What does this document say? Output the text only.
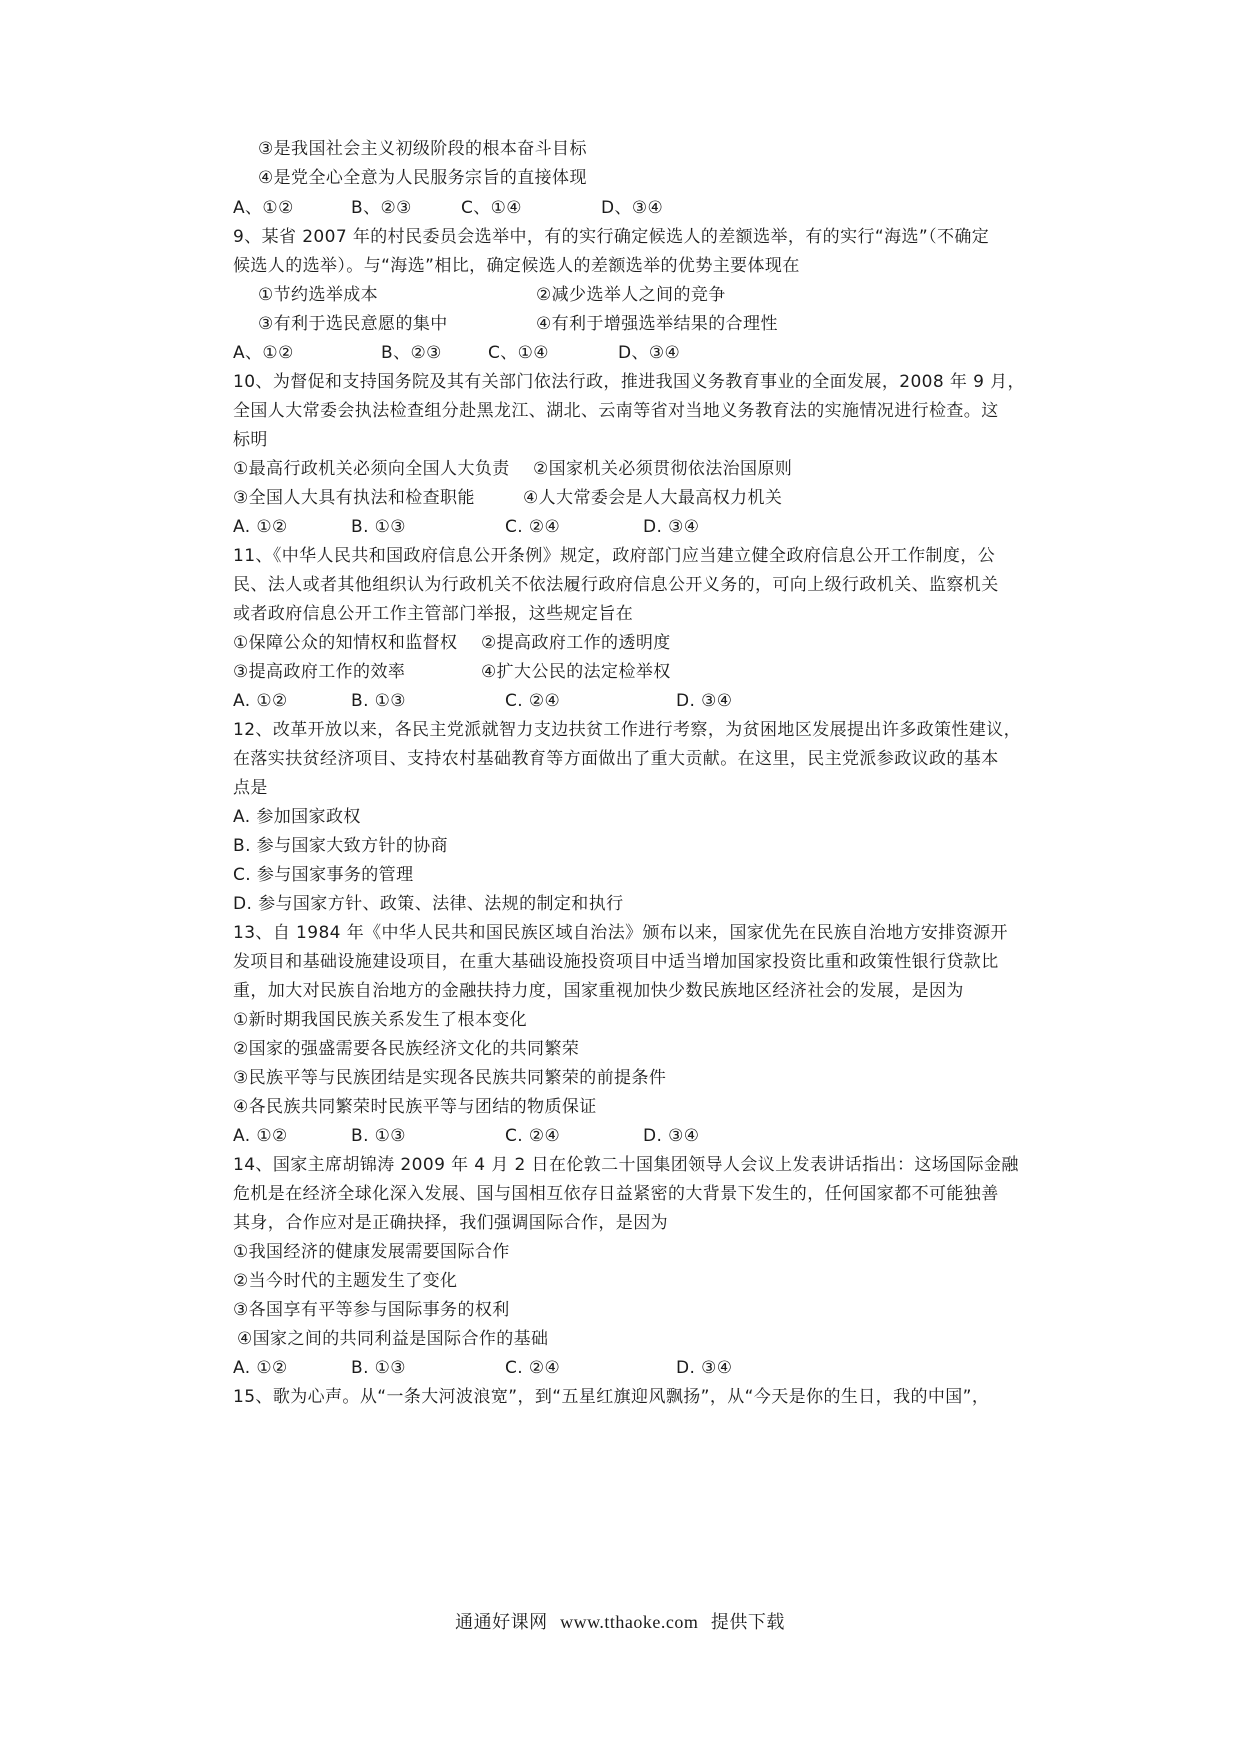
③是我国社会主义初级阶段的根本奋斗目标
④是党全心全意为人民服务宗旨的直接体现
A、①②	B、②③	C、①④	D、③④
9、某省 2007 年的村民委员会选举中，有的实行确定候选人的差额选举，有的实行“海选”（不确定
候选人的选举）。与“海选”相比，确定候选人的差额选举的优势主要体现在
①节约选举成本	②减少选举人之间的竞争
③有利于选民意愿的集中	④有利于增强选举结果的合理性
A、①②	B、②③	C、①④	D、③④
10、为督促和支持国务院及其有关部门依法行政，推进我国义务教育事业的全面发展，2008 年 9 月，
全国人大常委会执法检查组分赴黑龙江、湖北、云南等省对当地义务教育法的实施情况进行检查。这
标明
①最高行政机关必须向全国人大负责 ②国家机关必须贯彻依法治国原则
③全国人大具有执法和检查职能	④人大常委会是人大最高权力机关
A. ①②	B. ①③	C. ②④	D. ③④
11、《中华人民共和国政府信息公开条例》规定，政府部门应当建立健全政府信息公开工作制度，公
民、法人或者其他组织认为行政机关不依法履行政府信息公开义务的，可向上级行政机关、监察机关
或者政府信息公开工作主管部门举报，这些规定旨在
①保障公众的知情权和监督权 ②提高政府工作的透明度
③提高政府工作的效率	④扩大公民的法定检举权
A. ①②	B. ①③	C. ②④	D. ③④
12、改革开放以来，各民主党派就智力支边扶贫工作进行考察，为贫困地区发展提出许多政策性建议，
在落实扶贫经济项目、支持农村基础教育等方面做出了重大贡献。在这里，民主党派参政议政的基本
点是
A. 参加国家政权
B. 参与国家大致方针的协商
C. 参与国家事务的管理
D. 参与国家方针、政策、法律、法规的制定和执行
13、自 1984 年《中华人民共和国民族区域自治法》颁布以来，国家优先在民族自治地方安排资源开
发项目和基础设施建设项目，在重大基础设施投资项目中适当增加国家投资比重和政策性银行贷款比
重，加大对民族自治地方的金融扶持力度，国家重视加快少数民族地区经济社会的发展，是因为
①新时期我国民族关系发生了根本变化
②国家的强盛需要各民族经济文化的共同繁荣
③民族平等与民族团结是实现各民族共同繁荣的前提条件
④各民族共同繁荣时民族平等与团结的物质保证
A. ①②	B. ①③	C. ②④	D. ③④
14、国家主席胡锦涛 2009 年 4 月 2 日在伦敦二十国集团领导人会议上发表讲话指出：这场国际金融
危机是在经济全球化深入发展、国与国相互依存日益紧密的大背景下发生的，任何国家都不可能独善
其身，合作应对是正确抉择，我们强调国际合作，是因为
①我国经济的健康发展需要国际合作
②当今时代的主题发生了变化
③各国享有平等参与国际事务的权利
④国家之间的共同利益是国际合作的基础
A. ①②	B. ①③	C. ②④	D. ③④
15、歌为心声。从“一条大河波浪宽”，到“五星红旗迎风飘扬”，从“今天是你的生日，我的中国”，
通通好课网 www.tthaoke.com 提供下载
